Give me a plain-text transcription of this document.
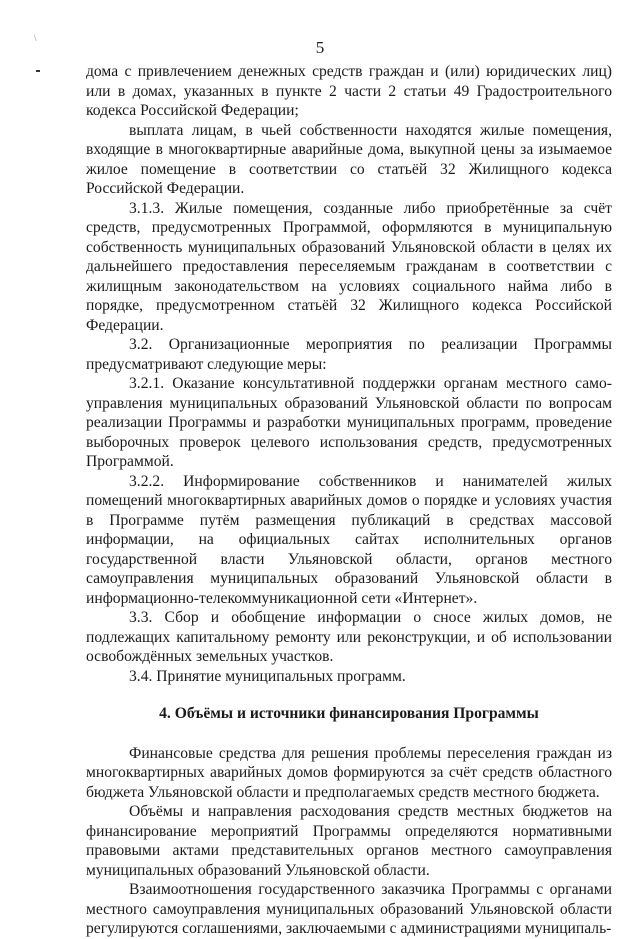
\	5

дома с привлечением денежных средств граждан и (или) юридических лиц) или в домах, указанных в пункте 2 части 2 статьи 49 Градостроительного кодекса Российской Федерации;

выплата лицам, в чьей собственности находятся жилые помещения, входящие в многоквартирные аварийные дома, выкупной цены за изымаемое жилое помещение в соответствии со статьёй 32 Жилищного кодекса Российской Федерации.

3.1.3. Жилые помещения, созданные либо приобретённые за счёт средств, предусмотренных Программой, оформляются в муниципальную собственность муниципальных образований Ульяновской области в целях их дальнейшего предоставления переселяемым гражданам в соответствии с жилищным законодательством на условиях социального найма либо в порядке, предусмотренном статьёй 32 Жилищного кодекса Российской Федерации.

3.2. Организационные мероприятия по реализации Программы предусматривают следующие меры:

3.2.1. Оказание консультативной поддержки органам местного самоуправления муниципальных образований Ульяновской области по вопросам реализации Программы и разработки муниципальных программ, проведение выборочных проверок целевого использования средств, предусмотренных Программой.

3.2.2. Информирование собственников и нанимателей жилых помещений многоквартирных аварийных домов о порядке и условиях участия в Программе путём размещения публикаций в средствах массовой информации, на официальных сайтах исполнительных органов государственной власти Ульяновской области, органов местного самоуправления муниципальных образований Ульяновской области в информационно-телекоммуникационной сети «Интернет».

3.3. Сбор и обобщение информации о сносе жилых домов, не подлежащих капитальному ремонту или реконструкции, и об использовании освобождённых земельных участков.

3.4. Принятие муниципальных программ.

4. Объёмы и источники финансирования Программы

Финансовые средства для решения проблемы переселения граждан из многоквартирных аварийных домов формируются за счёт средств областного бюджета Ульяновской области и предполагаемых средств местного бюджета.

Объёмы и направления расходования средств местных бюджетов на финансирование мероприятий Программы определяются нормативными правовыми актами представительных органов местного самоуправления муниципальных образований Ульяновской области.

Взаимоотношения государственного заказчика Программы с органами местного самоуправления муниципальных образований Ульяновской области регулируются соглашениями, заключаемыми с администрациями муниципаль-
